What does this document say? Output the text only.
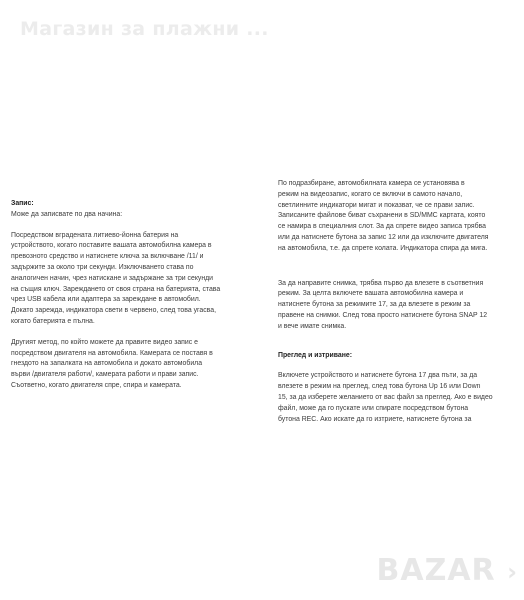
Магазин за плажни ...

Запис:

Може да записвате по два начина:

Посредством вградената литиево-йонна батерия на

устройството, когато поставите вашата автомобилна камера в

превозното средство и натиснете ключа за включване /11/ и

задържите за около три секунди. Изключването става по

аналогичен начин, чрез натискане и задържане за три секунди

на същия ключ. Зареждането от своя страна на батерията, става

чрез USB кабела или адаптера за зареждане в автомобил.

Докато зарежда, индикатора свети в червено, след това угасва,

когато батерията е пълна.

Другият метод, по който можете да правите видео запис е

посредством двигателя на автомобила. Камерата се поставя в

гнездото на запалката на автомобила и докато автомобила

върви /двигателя работи/, камерата работи и прави запис.

Съответно, когато двигателя спре, спира и камерата.

По подразбиране, автомобилната камера се установява в

режим на видеозапис, когато се включи в самото начало,

светлинните индикатори мигат и показват, че се прави запис.

Записаните файлове биват съхранени в SD/MMC картата, която

се намира в специалния слот. За да спрете видео записа трябва

или да натиснете бутона за запис 12 или да изключите двигателя

на автомобила, т.е. да спрете колата. Индикатора спира да мига.

За да направите снимка, трябва първо да влезете в съответния

режим. За целта включете вашата автомобилна камера и

натиснете бутона за режимите 17, за да влезете в режим за

правене на снимки. След това просто натиснете бутона SNAP 12

и вече имате снимка.

Преглед и изтриване:

Включете устройството и натиснете бутона 17 два пъти, за да

влезете в режим на преглед, след това бутона Up 16 или Down

15, за да изберете желанието от вас файл за преглед. Ако е видео

файл, може да го пускате или спирате посредством бутона

бутона REC. Ако искате да го изтриете, натиснете бутона за

BAZAR ›
